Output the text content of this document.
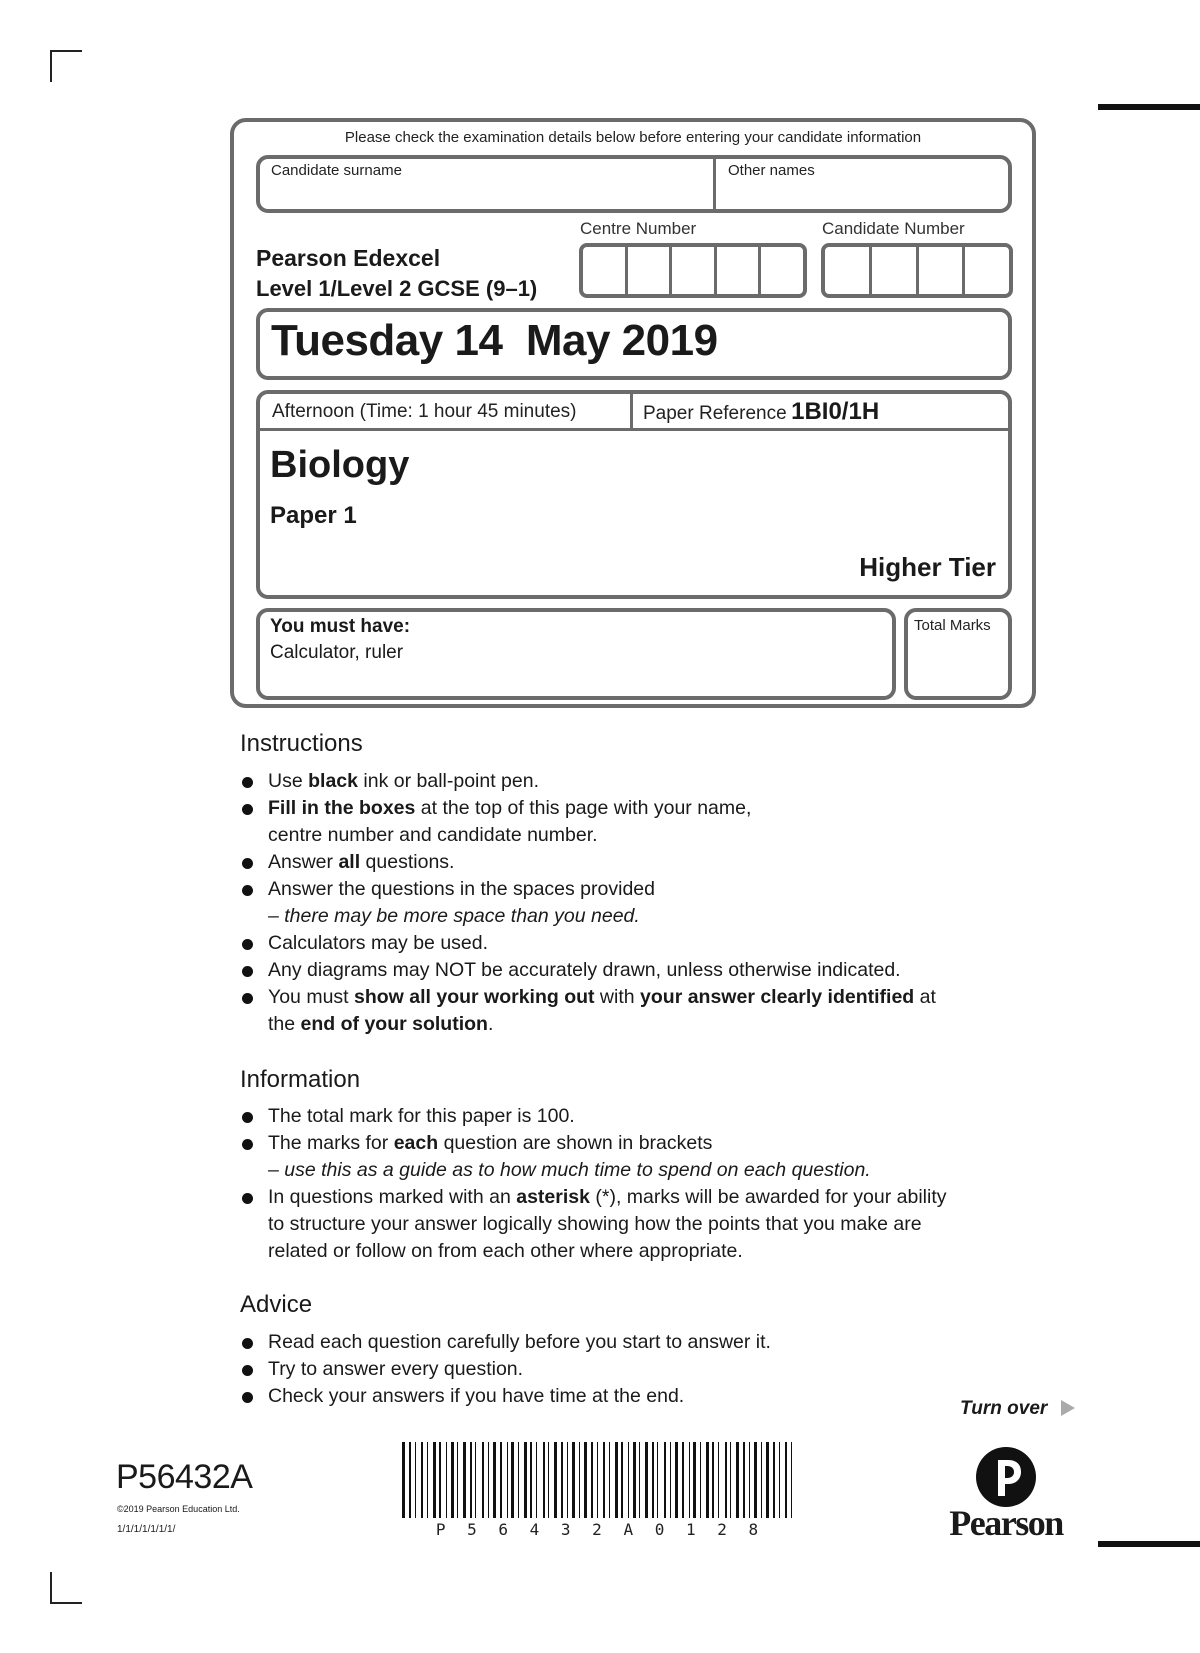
Please check the examination details below before entering your candidate information
Candidate surname	Other names
Centre Number	Candidate Number
Pearson Edexcel
Level 1/Level 2 GCSE (9–1)
Tuesday 14  May 2019
Afternoon (Time: 1 hour 45 minutes)	Paper Reference 1BI0/1H
Biology
Paper 1
Higher Tier
You must have:
Calculator, ruler
Total Marks
Instructions
Use black ink or ball-point pen.
Fill in the boxes at the top of this page with your name,
centre number and candidate number.
Answer all questions.
Answer the questions in the spaces provided
– there may be more space than you need.
Calculators may be used.
Any diagrams may NOT be accurately drawn, unless otherwise indicated.
You must show all your working out with your answer clearly identified at
the end of your solution.
Information
The total mark for this paper is 100.
The marks for each question are shown in brackets
– use this as a guide as to how much time to spend on each question.
In questions marked with an asterisk (*), marks will be awarded for your ability
to structure your answer logically showing how the points that you make are
related or follow on from each other where appropriate.
Advice
Read each question carefully before you start to answer it.
Try to answer every question.
Check your answers if you have time at the end.
Turn over
P56432A
©2019 Pearson Education Ltd.
1/1/1/1/1/1/1/	P 5 6 4 3 2 A 0 1 2 8	Pearson
